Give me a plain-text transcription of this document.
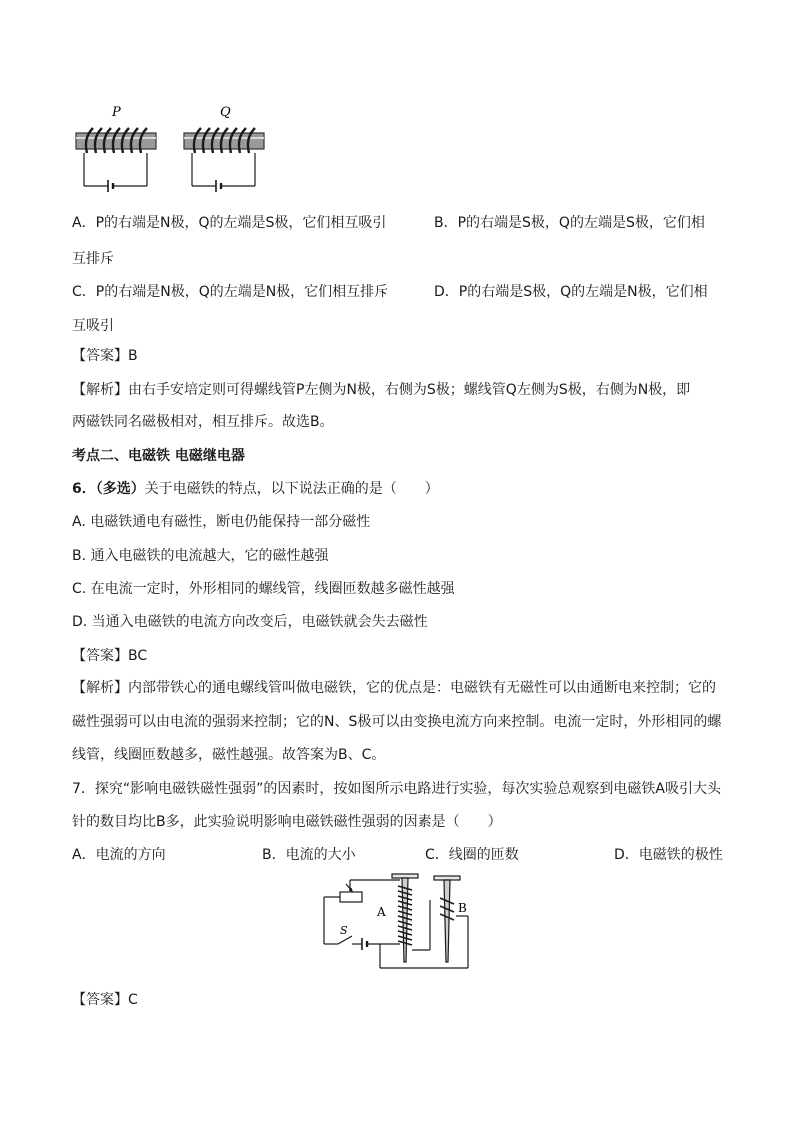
P	Q
A．P的右端是N极，Q的左端是S极，它们相互吸引	B．P的右端是S极，Q的左端是S极，它们相
互排斥
C．P的右端是N极，Q的左端是N极，它们相互排斥	D．P的右端是S极，Q的左端是N极，它们相
互吸引
【答案】B
【解析】由右手安培定则可得螺线管P左侧为N极，右侧为S极；螺线管Q左侧为S极，右侧为N极，即
两磁铁同名磁极相对，相互排斥。故选B。
考点二、电磁铁 电磁继电器
6．（多选）关于电磁铁的特点，以下说法正确的是（　　）
A. 电磁铁通电有磁性，断电仍能保持一部分磁性
B. 通入电磁铁的电流越大，它的磁性越强
C. 在电流一定时，外形相同的螺线管，线圈匝数越多磁性越强
D. 当通入电磁铁的电流方向改变后，电磁铁就会失去磁性
【答案】BC
【解析】内部带铁心的通电螺线管叫做电磁铁，它的优点是：电磁铁有无磁性可以由通断电来控制；它的
磁性强弱可以由电流的强弱来控制；它的N、S极可以由变换电流方向来控制。电流一定时，外形相同的螺
线管，线圈匝数越多，磁性越强。故答案为B、C。
7．探究“影响电磁铁磁性强弱”的因素时，按如图所示电路进行实验，每次实验总观察到电磁铁A吸引大头
针的数目均比B多，此实验说明影响电磁铁磁性强弱的因素是（　　）
A．电流的方向	B．电流的大小	C．线圈的匝数	D．电磁铁的极性
A	B
S
【答案】C
